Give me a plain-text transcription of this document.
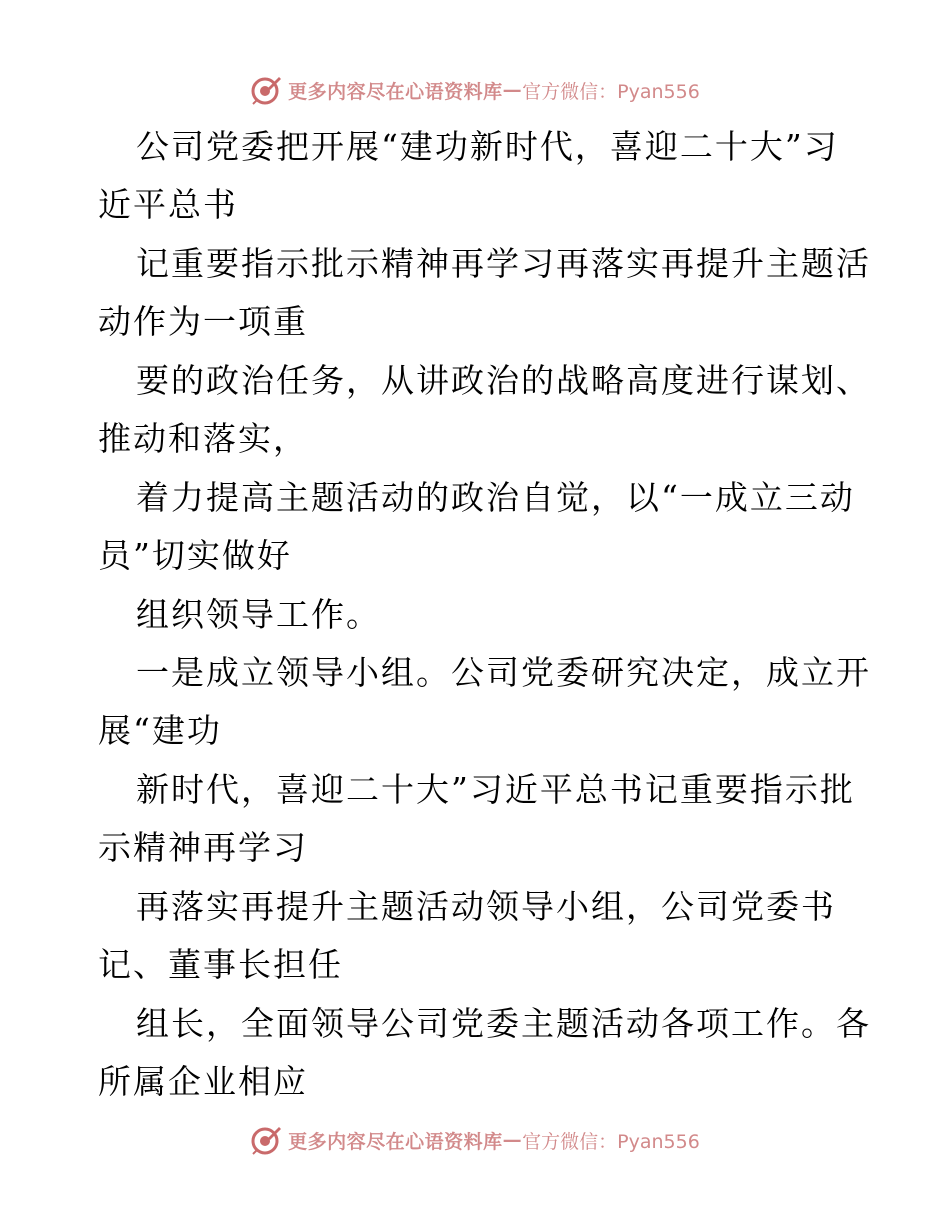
更多内容尽在心语资料库 — 官方微信：Pyan556
公司党委把开展“建功新时代，喜迎二十大”习
近平总书
记重要指示批示精神再学习再落实再提升主题活
动作为一项重
要的政治任务，从讲政治的战略高度进行谋划、
推动和落实，
着力提高主题活动的政治自觉，以“一成立三动
员”切实做好
组织领导工作。
一是成立领导小组。公司党委研究决定，成立开
展“建功
新时代，喜迎二十大”习近平总书记重要指示批
示精神再学习
再落实再提升主题活动领导小组，公司党委书
记、董事长担任
组长，全面领导公司党委主题活动各项工作。各
所属企业相应
更多内容尽在心语资料库 — 官方微信：Pyan556
